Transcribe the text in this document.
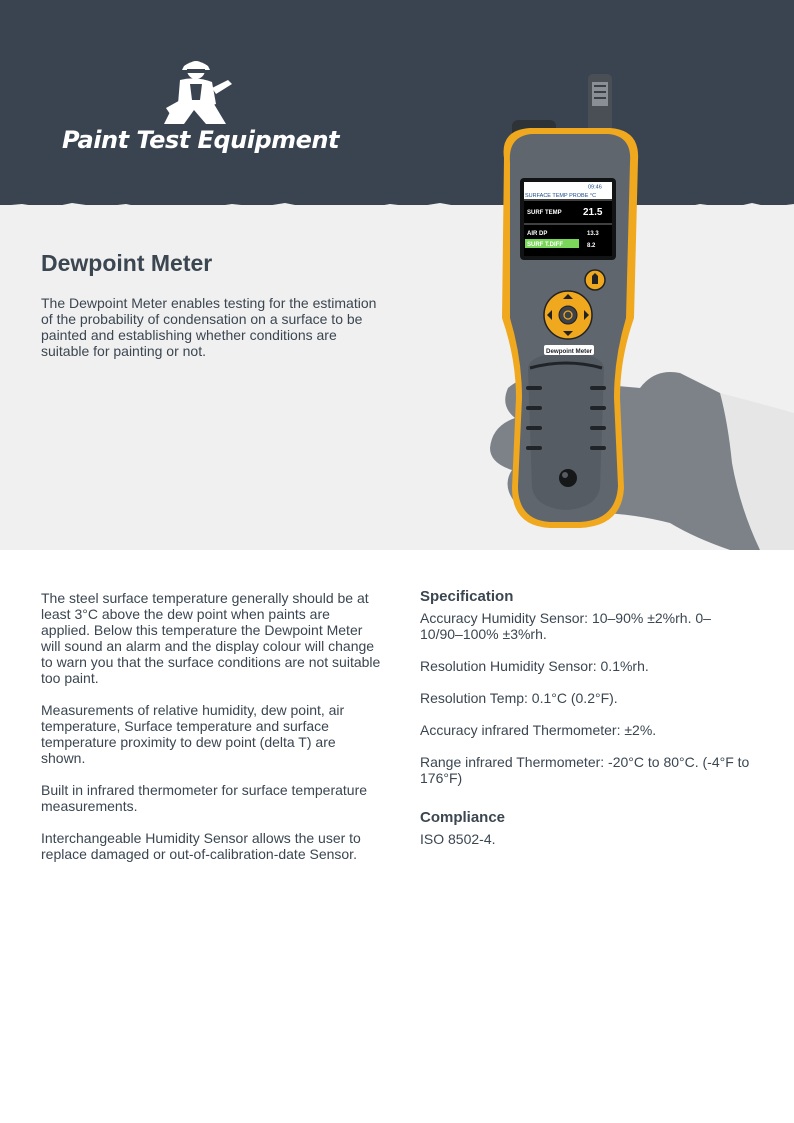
Paint Test Equipment
Dewpoint Meter

The Dewpoint Meter enables testing for the estimation of the probability of condensation on a surface to be painted and establishing whether conditions are suitable for painting or not.

09:46
SURFACE TEMP PROBE °C
SURF TEMP 21.5
AIR DP	13.3
SURF T.DIFF	8.2
Dewpoint Meter

The steel surface temperature generally should be at least 3°C above the dew point when paints are applied. Below this temperature the Dewpoint Meter will sound an alarm and the display colour will change to warn you that the surface conditions are not suitable too paint.

Measurements of relative humidity, dew point, air temperature, Surface temperature and surface temperature proximity to dew point (delta T) are shown.

Built in infrared thermometer for surface temperature measurements.

Interchangeable Humidity Sensor allows the user to replace damaged or out-of-calibration-date Sensor.

Specification

Accuracy Humidity Sensor: 10–90% ±2%rh. 0–10/90–100% ±3%rh.

Resolution Humidity Sensor: 0.1%rh.

Resolution Temp: 0.1°C (0.2°F).

Accuracy infrared Thermometer: ±2%.

Range infrared Thermometer: -20°C to 80°C. (-4°F to 176°F)

Compliance

ISO 8502-4.
